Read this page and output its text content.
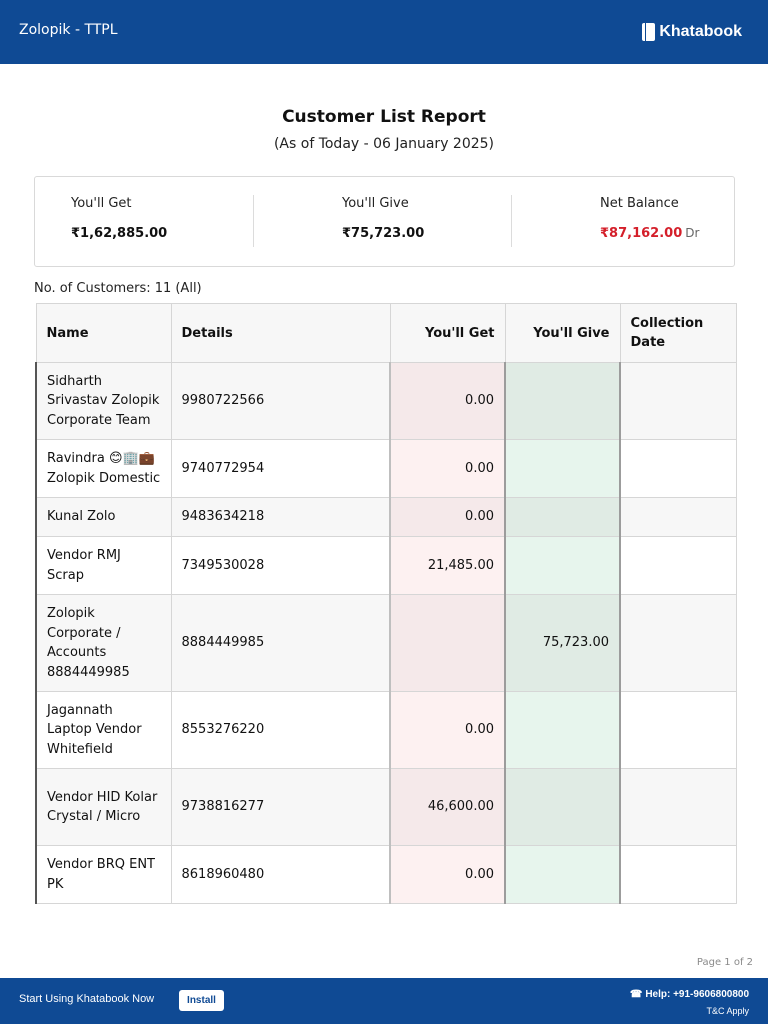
Zolopik - TTPL	Khatabook
Customer List Report
(As of Today - 06 January 2025)
You'll Get
₹1,62,885.00
You'll Give
₹75,723.00
Net Balance
₹87,162.00 Dr
No. of Customers: 11 (All)
Name	Details	You'll Get	You'll Give	Collection Date
Sidharth Srivastav Zolopik Corporate Team	9980722566	0.00		
Ravindra 😊🏢💼 Zolopik Domestic	9740772954	0.00		
Kunal Zolo	9483634218	0.00		
Vendor RMJ Scrap	7349530028	21,485.00		
Zolopik Corporate / Accounts 8884449985	8884449985		75,723.00	
Jagannath Laptop Vendor Whitefield	8553276220	0.00		
Vendor HID Kolar Crystal / Micro	9738816277	46,600.00		
Vendor BRQ ENT PK	8618960480	0.00		
Page 1 of 2
Start Using Khatabook Now	Install
☎ Help: +91-9606800800
T&C Apply
